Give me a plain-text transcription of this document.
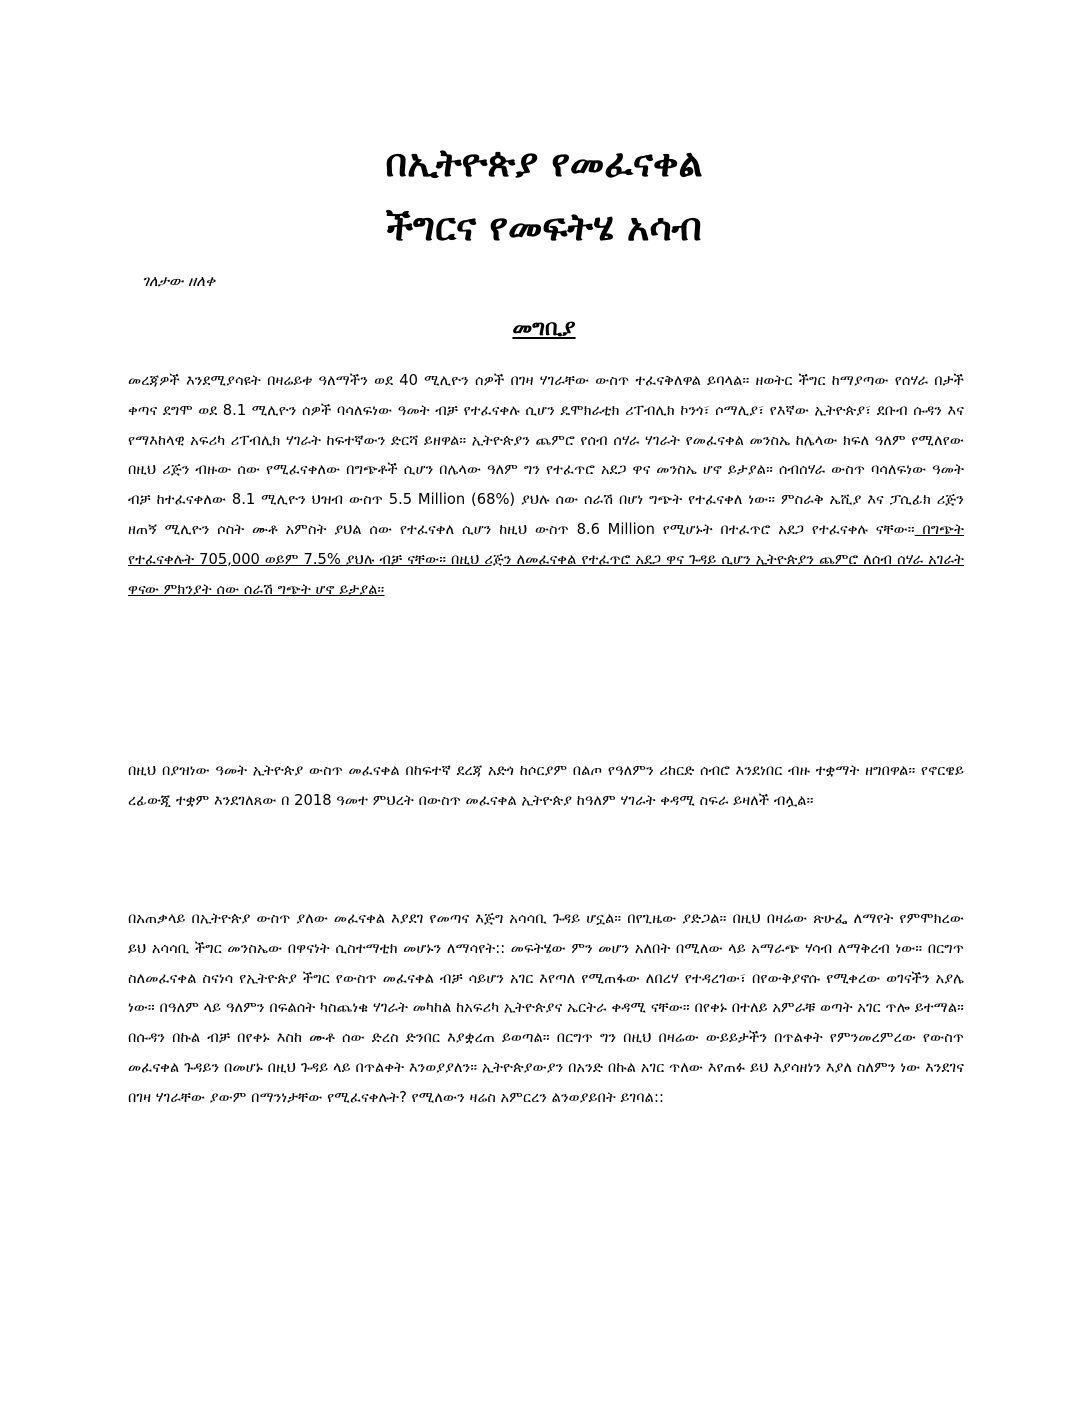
በኢትዮጵያ የመፈናቀል
ችግርና የመፍትሄ አሳብ

ገለታው ዘለቀ

መግቢያ

መረጃዎች እንደሚያሳዩት በዛሬይቱ ዓለማችን ወደ 40 ሚሊዮን ሰዎች በገዛ ሃገራቸው ውስጥ ተፈናቅለዋል ይባላል። ዘወትር ችግር ከማያጣው የሰሃራ በታች ቀጣና ደግሞ ወደ 8.1 ሚሊዮን ሰዎች ባሳለፍነው ዓመት ብቻ የተፈናቀሉ ሲሆን ዴሞክራቲክ ሪፐብሊክ ኮንጎ፣ ሶማሊያ፣ የእኛው ኢትዮጵያ፣ ደቡብ ሱዳን እና የማእከላዊ አፍሪካ ሪፐብሊክ ሃገራት ከፍተኛውን ድርሻ ይዘዋል። ኢትዮጵያን ጨምሮ የሰብ ሰሃራ ሃገራት የመፈናቀል መንስኤ ከሌላው ክፍለ ዓለም የሚለየው በዚህ ሪጅን ብዙው ሰው የሚፈናቀለው በግጭቶች ሲሆን በሌላው ዓለም ግን የተፈጥሮ አደጋ ዋና መንስኤ ሆኖ ይታያል። ሰብሰሃራ ውስጥ ባሳለፍነው ዓመት ብቻ ከተፈናቀለው 8.1 ሚሊዮን ህዝብ ውስጥ 5.5 Million (68%) ያህሉ ሰው ሰራሽ በሆነ ግጭት የተፈናቀለ ነው። ምስራቅ ኤሺያ እና ፓሲፊክ ሪጅን ዘጠኝ ሚሊዮን ሶስት ሙቶ አምስት ያህል ሰው የተፈናቀለ ሲሆን ከዚህ ውስጥ 8.6 Million የሚሆኑት በተፈጥሮ አደጋ የተፈናቀሉ ናቸው። በግጭት የተፈናቀሉት 705,000 ወይም 7.5% ያህሉ ብቻ ናቸው። በዚህ ሪጅን ለመፈናቀል የተፈጥሮ አደጋ ዋና ጉዳይ ሲሆን ኢትዮጵያን ጨምሮ ለሰብ ሰሃራ አገራት ዋናው ምክንያት ሰው ሰራሽ ግጭት ሆኖ ይታያል።

በዚህ በያዝነው ዓመት ኢትዮጵያ ውስጥ መፈናቀል በከፍተኛ ደረጃ አድጎ ከሶርያም በልጦ የዓለምን ሪከርድ ሰብሮ እንደነበር ብዙ ተቋማት ዘግበዋል። የኖርዌይ ረፊውጂ ተቋም እንደገለጸው በ 2018 ዓመተ ምህረት በውስጥ መፈናቀል ኢትዮጵያ ከዓለም ሃገራት ቀዳሚ ስፍራ ይዛለች ብሏል።

በአጠቃላይ በኢትዮጵያ ውስጥ ያለው መፈናቀል እያደገ የመጣና እጅግ አሳሳቢ ጉዳይ ሆኗል። በየጊዜው ያድጋል። በዚህ በዛሬው ጽሁፌ ለማየት የምሞክረው ይህ አሳሳቢ ችግር መንስኤው በዋናነት ሲስተማቲክ መሆኑን ለማሳየት:: መፍትሄው ምን መሆን አለበት በሚለው ላይ አማራጭ ሃሳብ ለማቅረብ ነው። በርግጥ ስለመፈናቀል ስናነሳ የኢትዮጵያ ችግር የውስጥ መፈናቀል ብቻ ሳይሆን አገር እየጣለ የሚጠፋው ለበረሃ የተዳረገው፣ በየውቅያኖሱ የሚቀረው ወገናችን አያሌ ነው። በዓለም ላይ ዓለምን በፍልሰት ካስጨነቁ ሃገራት መካከል ከአፍሪካ ኢትዮጵያና ኤርትራ ቀዳሚ ናቸው። በየቀኑ በተለይ አምራቹ ወጣት አገር ጥሎ ይተማል። በሱዳን በኩል ብቻ በየቀኑ እስከ ሙቶ ሰው ድረስ ድንበር እያቋረጠ ይወጣል። በርግጥ ግን በዚህ በዛሬው ውይይታችን በጥልቀት የምንመረምረው የውስጥ መፈናቀል ጉዳይን በመሆኑ በዚህ ጉዳይ ላይ በጥልቀት እንወያያለን። ኢትዮጵያውያን በአንድ በኩል አገር ጥለው እየጠፉ ይህ እያሳዘነን እያለ ስለምን ነው እንደገና በገዛ ሃገራቸው ያውም በማንነታቸው የሚፈናቀሉት? የሚለውን ዛሬስ አምርረን ልንወያይበት ይገባል::
